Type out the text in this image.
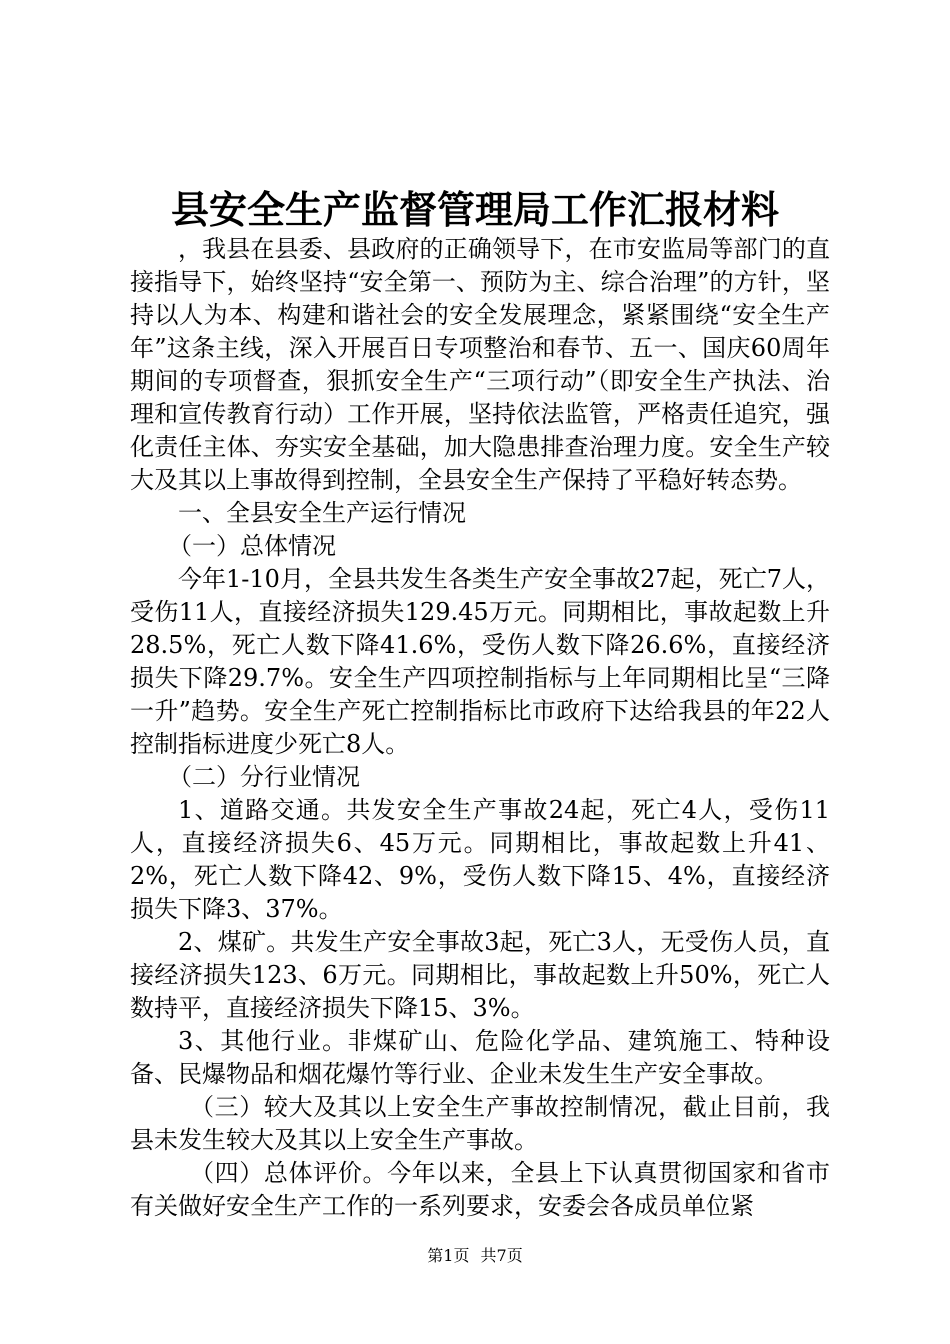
县安全生产监督管理局工作汇报材料

，我县在县委、县政府的正确领导下，在市安监局等部门的直接指导下，始终坚持“安全第一、预防为主、综合治理”的方针，坚持以人为本、构建和谐社会的安全发展理念，紧紧围绕“安全生产年”这条主线，深入开展百日专项整治和春节、五一、国庆60周年期间的专项督查，狠抓安全生产“三项行动”（即安全生产执法、治理和宣传教育行动）工作开展，坚持依法监管，严格责任追究，强化责任主体、夯实安全基础，加大隐患排查治理力度。安全生产较大及其以上事故得到控制，全县安全生产保持了平稳好转态势。

一、全县安全生产运行情况

（一）总体情况

今年1-10月，全县共发生各类生产安全事故27起，死亡7人，受伤11人，直接经济损失129.45万元。同期相比，事故起数上升28.5%，死亡人数下降41.6%，受伤人数下降26.6%，直接经济损失下降29.7%。安全生产四项控制指标与上年同期相比呈“三降一升”趋势。安全生产死亡控制指标比市政府下达给我县的年22人控制指标进度少死亡8人。

（二）分行业情况

1、道路交通。共发安全生产事故24起，死亡4人，受伤11人，直接经济损失6、45万元。同期相比，事故起数上升41、2%，死亡人数下降42、9%，受伤人数下降15、4%，直接经济损失下降3、37%。

2、煤矿。共发生产安全事故3起，死亡3人，无受伤人员，直接经济损失123、6万元。同期相比，事故起数上升50%，死亡人数持平，直接经济损失下降15、3%。

3、其他行业。非煤矿山、危险化学品、建筑施工、特种设备、民爆物品和烟花爆竹等行业、企业未发生生产安全事故。

（三）较大及其以上安全生产事故控制情况，截止目前，我县未发生较大及其以上安全生产事故。

（四）总体评价。今年以来，全县上下认真贯彻国家和省市有关做好安全生产工作的一系列要求，安委会各成员单位紧

第1页 共7页
